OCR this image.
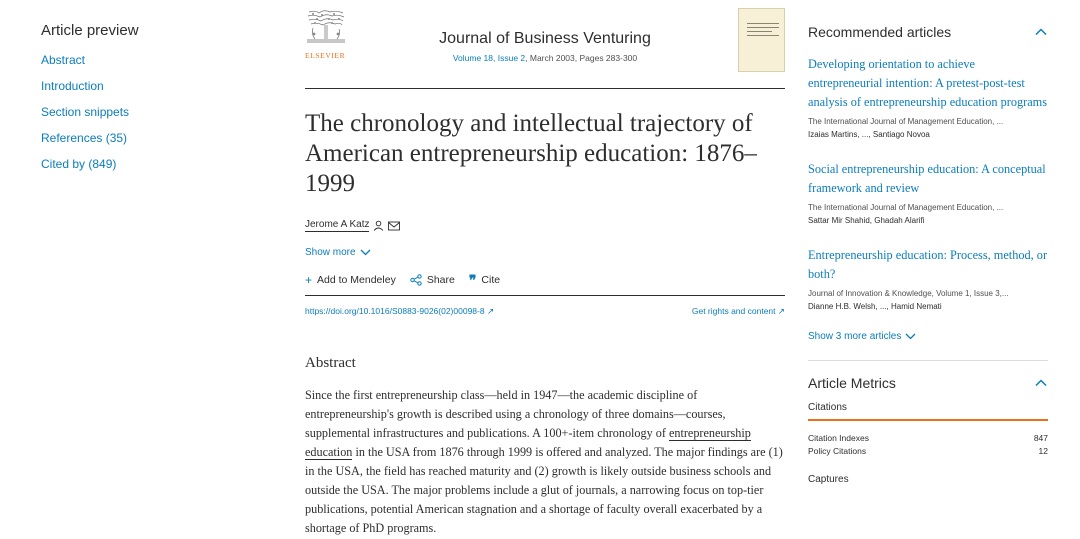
Article preview
Abstract
Introduction
Section snippets
References (35)
Cited by (849)
ELSEVIER
Journal of Business Venturing
Volume 18, Issue 2, March 2003, Pages 283-300
The chronology and intellectual trajectory of American entrepreneurship education: 1876–1999
Jerome A Katz
Show more
+ Add to Mendeley	Share ❞ Cite
https://doi.org/10.1016/S0883-9026(02)00098-8 ↗	Get rights and content ↗
Abstract

Since the first entrepreneurship class—held in 1947—the academic discipline of entrepreneurship's growth is described using a chronology of three domains—courses, supplemental infrastructures and publications. A 100+-item chronology of entrepreneurship education in the USA from 1876 through 1999 is offered and analyzed. The major findings are (1) in the USA, the field has reached maturity and (2) growth is likely outside business schools and outside the USA. The major problems include a glut of journals, a narrowing focus on top-tier publications, potential American stagnation and a shortage of faculty overall exacerbated by a shortage of PhD programs.

Recommended articles
Developing orientation to achieve entrepreneurial intention: A pretest-post-test analysis of entrepreneurship education programs
The International Journal of Management Education, ...
Izaias Martins, ..., Santiago Novoa
Social entrepreneurship education: A conceptual framework and review
The International Journal of Management Education, ...
Sattar Mir Shahid, Ghadah Alarifi
Entrepreneurship education: Process, method, or both?
Journal of Innovation & Knowledge, Volume 1, Issue 3,...
Dianne H.B. Welsh, ..., Hamid Nemati
Show 3 more articles
Article Metrics
Citations
Citation Indexes	847
Policy Citations	12
Captures
